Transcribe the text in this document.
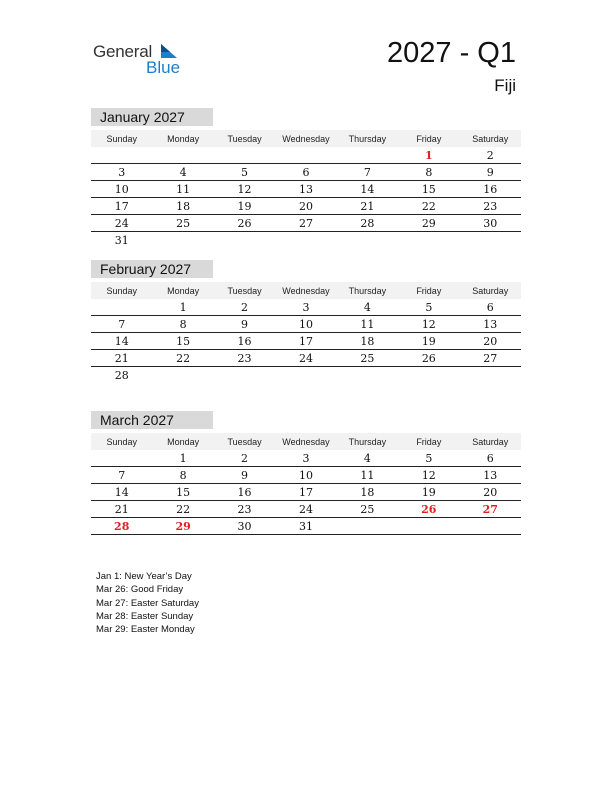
General
Blue	2027 - Q1
Fiji
January 2027
Sunday	Monday	Tuesday	Wednesday	Thursday	Friday	Saturday
					1	2
3	4	5	6	7	8	9
10	11	12	13	14	15	16
17	18	19	20	21	22	23
24	25	26	27	28	29	30
31						
February 2027
Sunday	Monday	Tuesday	Wednesday	Thursday	Friday	Saturday
	1	2	3	4	5	6
7	8	9	10	11	12	13
14	15	16	17	18	19	20
21	22	23	24	25	26	27
28						
March 2027
Sunday	Monday	Tuesday	Wednesday	Thursday	Friday	Saturday
	1	2	3	4	5	6
7	8	9	10	11	12	13
14	15	16	17	18	19	20
21	22	23	24	25	26	27
28	29	30	31			
Jan 1: New Year’s Day
Mar 26: Good Friday
Mar 27: Easter Saturday
Mar 28: Easter Sunday
Mar 29: Easter Monday
